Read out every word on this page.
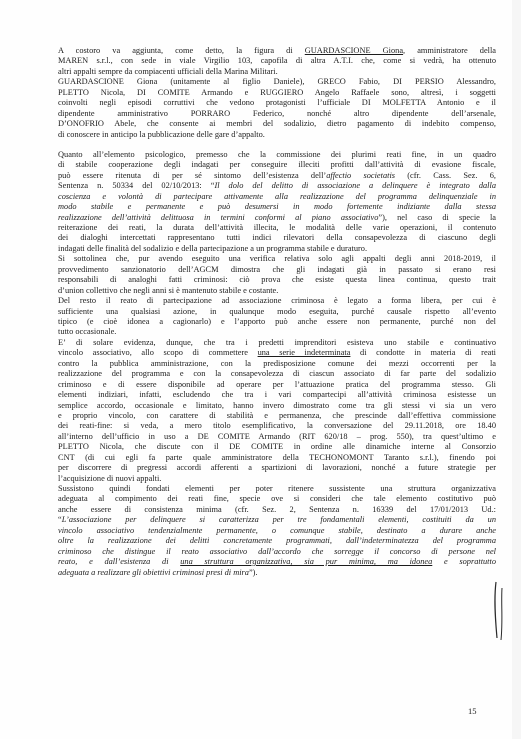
A costoro va aggiunta, come detto, la figura di GUARDASCIONE Giona, amministratore della
MAREN s.r.l., con sede in viale Virgilio 103, capofila di altra A.T.I. che, come si vedrà, ha ottenuto
altri appalti sempre da compiacenti ufficiali della Marina Militari.
GUARDASCIONE Giona (unitamente al figlio Daniele), GRECO Fabio, DI PERSIO Alessandro,
PLETTO Nicola, DI COMITE Armando e RUGGIERO Angelo Raffaele sono, altresì, i soggetti
coinvolti negli episodi corruttivi che vedono protagonisti l’ufficiale DI MOLFETTA Antonio e il
dipendente amministrativo PORRARO Federico, nonché altro dipendente dell’arsenale,
D’ONOFRIO Abele, che consente ai membri del sodalizio, dietro pagamento di indebito compenso,
di conoscere in anticipo la pubblicazione delle gare d’appalto.
Quanto all’elemento psicologico, premesso che la commissione dei plurimi reati fine, in un quadro
di stabile cooperazione degli indagati per conseguire illeciti profitti dall’attività di evasione fiscale,
può essere ritenuta di per sé sintomo dell’esistenza dell’affectio societatis (cfr. Cass. Sez. 6,
Sentenza n. 50334 del 02/10/2013: “Il dolo del delitto di associazione a delinquere è integrato dalla
coscienza e volontà di partecipare attivamente alla realizzazione del programma delinquenziale in
modo stabile e permanente e può desumersi in modo fortemente indiziante dalla stessa
realizzazione dell’attività delittuosa in termini conformi al piano associativo”), nel caso di specie la
reiterazione dei reati, la durata dell’attività illecita, le modalità delle varie operazioni, il contenuto
dei dialoghi intercettati rappresentano tutti indici rilevatori della consapevolezza di ciascuno degli
indagati delle finalità del sodalizio e della partecipazione a un programma stabile e duraturo.
Si sottolinea che, pur avendo eseguito una verifica relativa solo agli appalti degli anni 2018-2019, il
provvedimento sanzionatorio dell’AGCM dimostra che gli indagati già in passato si erano resi
responsabili di analoghi fatti criminosi: ciò prova che esiste questa linea continua, questo trait
d’union collettivo che negli anni si è mantenuto stabile e costante.
Del resto il reato di partecipazione ad associazione criminosa è legato a forma libera, per cui è
sufficiente una qualsiasi azione, in qualunque modo eseguita, purché causale rispetto all’evento
tipico (e cioè idonea a cagionarlo) e l’apporto può anche essere non permanente, purché non del
tutto occasionale.
E’ di solare evidenza, dunque, che tra i predetti imprenditori esisteva uno stabile e continuativo
vincolo associativo, allo scopo di commettere una serie indeterminata di condotte in materia di reati
contro la pubblica amministrazione, con la predisposizione comune dei mezzi occorrenti per la
realizzazione del programma e con la consapevolezza di ciascun associato di far parte del sodalizio
criminoso e di essere disponibile ad operare per l’attuazione pratica del programma stesso. Gli
elementi indiziari, infatti, escludendo che tra i vari compartecipi all’attività criminosa esistesse un
semplice accordo, occasionale e limitato, hanno invero dimostrato come tra gli stessi vi sia un vero
e proprio vincolo, con carattere di stabilità e permanenza, che prescinde dall’effettiva commissione
dei reati-fine: si veda, a mero titolo esemplificativo, la conversazione del 29.11.2018, ore 18.40
all’interno dell’ufficio in uso a DE COMITE Armando (RIT 620/18 – prog. 550), tra quest’ultimo e
PLETTO Nicola, che discute con il DE COMITE in ordine alle dinamiche interne al Consorzio
CNT (di cui egli fa parte quale amministratore della TECHONOMONT Taranto s.r.l.), finendo poi
per discorrere di pregressi accordi afferenti a spartizioni di lavorazioni, nonché a future strategie per
l’acquisizione di nuovi appalti.
Sussistono quindi fondati elementi per poter ritenere sussistente una struttura organizzativa
adeguata al compimento dei reati fine, specie ove si consideri che tale elemento costitutivo può
anche essere di consistenza minima (cfr. Sez. 2, Sentenza n. 16339 del 17/01/2013 Ud.:
“L’associazione per delinquere si caratterizza per tre fondamentali elementi, costituiti da un
vincolo associativo tendenzialmente permanente, o comunque stabile, destinato a durare anche
oltre la realizzazione dei delitti concretamente programmati, dall’indeterminatezza del programma
criminoso che distingue il reato associativo dall’accordo che sorregge il concorso di persone nel
reato, e dall’esistenza di una struttura organizzativa, sia pur minima, ma idonea e soprattutto
adeguata a realizzare gli obiettivi criminosi presi di mira”).
15
